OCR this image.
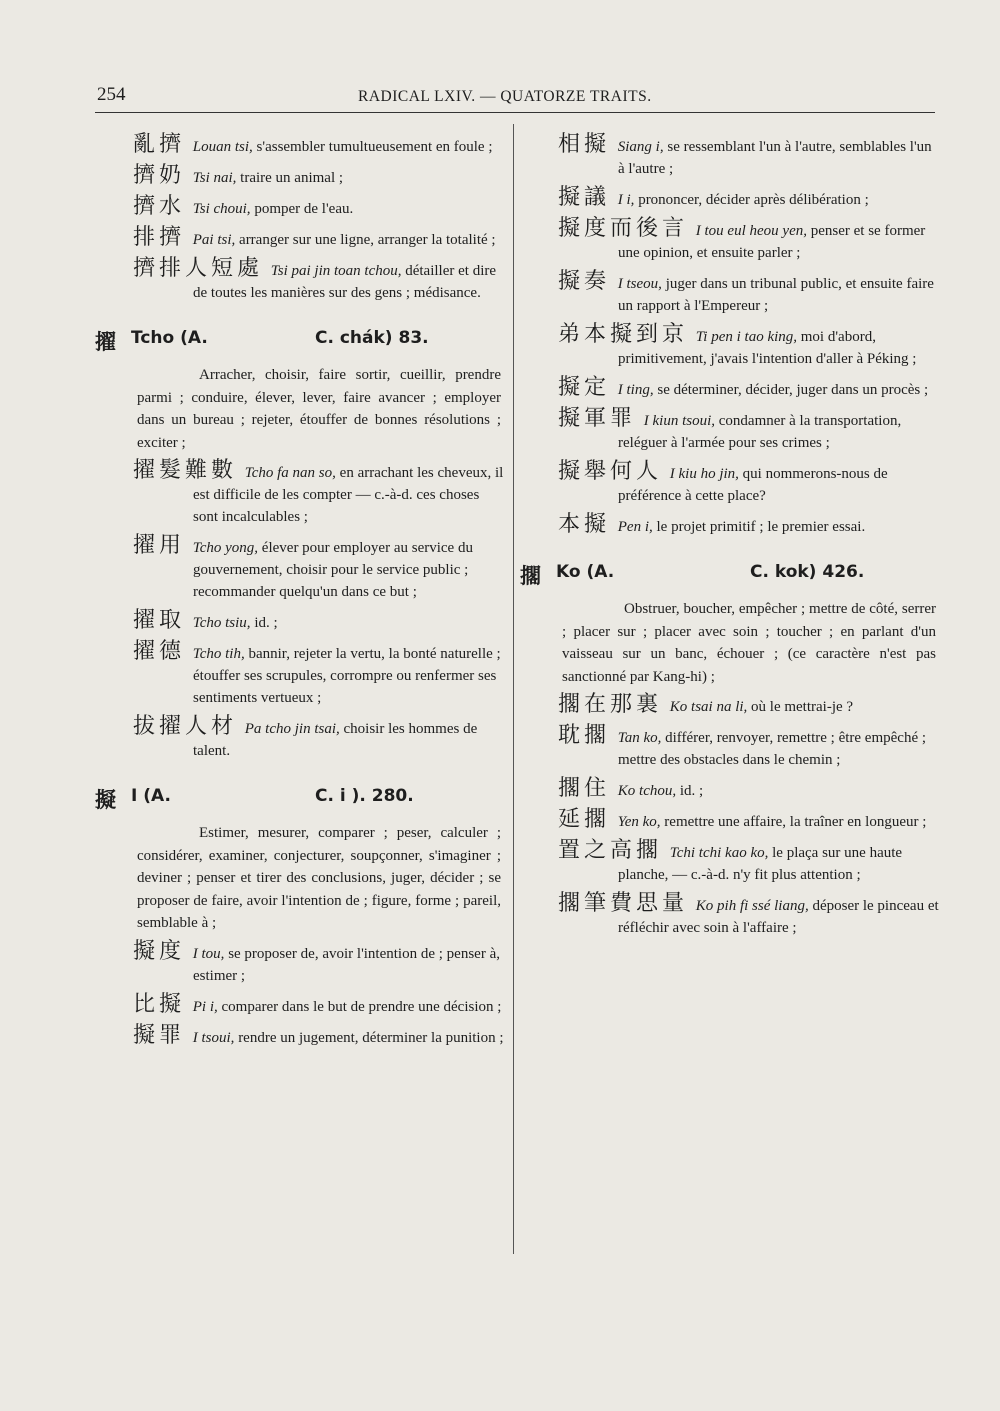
254	RADICAL LXIV. — QUATORZE TRAITS.

亂擠 Louan tsi, s'assembler tumultueusement en foule ;

擠奶 Tsi nai, traire un animal ;

擠水 Tsi choui, pomper de l'eau.

排擠 Pai tsi, arranger sur une ligne, arranger la totalité ;

擠排人短處 Tsi pai jin toan tchou, détailler et dire de toutes les manières sur des gens ; médisance.

擢 Tcho (A.	C. chák) 83.

Arracher, choisir, faire sortir, cueillir, prendre parmi ; conduire, élever, lever, faire avancer ; employer dans un bureau ; rejeter, étouffer de bonnes résolutions ; exciter ;

擢髮難數 Tcho fa nan so, en arrachant les cheveux, il est difficile de les compter — c.-à-d. ces choses sont incalculables ;

擢用 Tcho yong, élever pour employer au service du gouvernement, choisir pour le service public ; recommander quelqu'un dans ce but ;

擢取 Tcho tsiu, id. ;

擢德 Tcho tih, bannir, rejeter la vertu, la bonté naturelle ; étouffer ses scrupules, corrompre ou renfermer ses sentiments vertueux ;

拔擢人材 Pa tcho jin tsai, choisir les hommes de talent.

擬 I (A.	C. i ). 280.

Estimer, mesurer, comparer ; peser, calculer ; considérer, examiner, conjecturer, soupçonner, s'imaginer ; deviner ; penser et tirer des conclusions, juger, décider ; se proposer de faire, avoir l'intention de ; figure, forme ; pareil, semblable à ;

擬度 I tou, se proposer de, avoir l'intention de ; penser à, estimer ;

比擬 Pi i, comparer dans le but de prendre une décision ;

擬罪 I tsoui, rendre un jugement, déterminer la punition ;

相擬 Siang i, se ressemblant l'un à l'autre, semblables l'un à l'autre ;

擬議 I i, prononcer, décider après délibération ;

擬度而後言 I tou eul heou yen, penser et se former une opinion, et ensuite parler ;

擬奏 I tseou, juger dans un tribunal public, et ensuite faire un rapport à l'Empereur ;

弟本擬到京 Ti pen i tao king, moi d'abord, primitivement, j'avais l'intention d'aller à Péking ;

擬定 I ting, se déterminer, décider, juger dans un procès ;

擬軍罪 I kiun tsoui, condamner à la transportation, reléguer à l'armée pour ses crimes ;

擬舉何人 I kiu ho jin, qui nommerons-nous de préférence à cette place?

本擬 Pen i, le projet primitif ; le premier essai.

擱 Ko (A.	C. kok) 426.

Obstruer, boucher, empêcher ; mettre de côté, serrer ; placer sur ; placer avec soin ; toucher ; en parlant d'un vaisseau sur un banc, échouer ; (ce caractère n'est pas sanctionné par Kang-hi) ;

擱在那裏 Ko tsai na li, où le mettrai-je ?

耽擱 Tan ko, différer, renvoyer, remettre ; être empêché ; mettre des obstacles dans le chemin ;

擱住 Ko tchou, id. ;

延擱 Yen ko, remettre une affaire, la traîner en longueur ;

置之高擱 Tchi tchi kao ko, le plaça sur une haute planche, — c.-à-d. n'y fit plus attention ;

擱筆費思量 Ko pih fi ssé liang, déposer le pinceau et réfléchir avec soin à l'affaire ;
